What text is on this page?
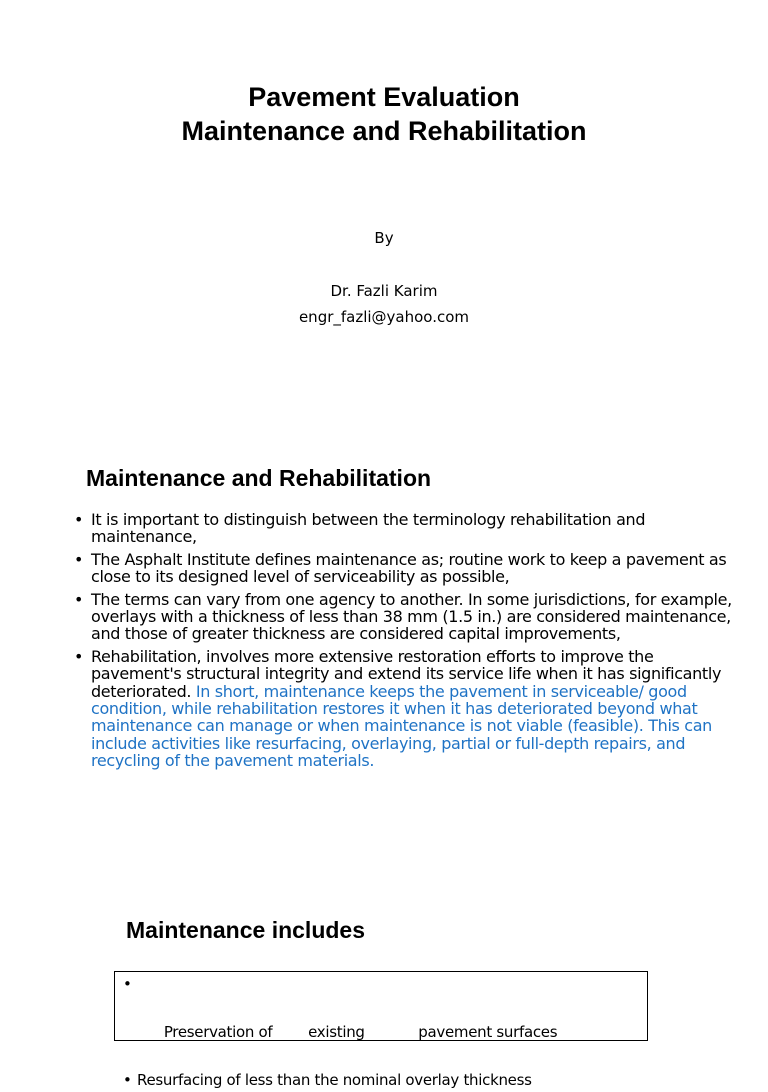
Pavement Evaluation
Maintenance and Rehabilitation
By
Dr. Fazli Karim
engr_fazli@yahoo.com
Maintenance and Rehabilitation
• It is important to distinguish between the terminology rehabilitation and maintenance,
• The Asphalt Institute defines maintenance as; routine work to keep a pavement as close to its designed level of serviceability as possible,
• The terms can vary from one agency to another. In some jurisdictions, for example, overlays with a thickness of less than 38 mm (1.5 in.) are considered maintenance, and those of greater thickness are considered capital improvements,
• Rehabilitation, involves more extensive restoration efforts to improve the pavement's structural integrity and extend its service life when it has significantly deteriorated. In short, maintenance keeps the pavement in serviceable/ good condition, while rehabilitation restores it when it has deteriorated beyond what maintenance can manage or when maintenance is not viable (feasible). This can include activities like resurfacing, overlaying, partial or full-depth repairs, and recycling of the pavement materials.
Maintenance includes

•

Preservation of        existing            pavement surfaces

• Resurfacing of less than the nominal overlay thickness
